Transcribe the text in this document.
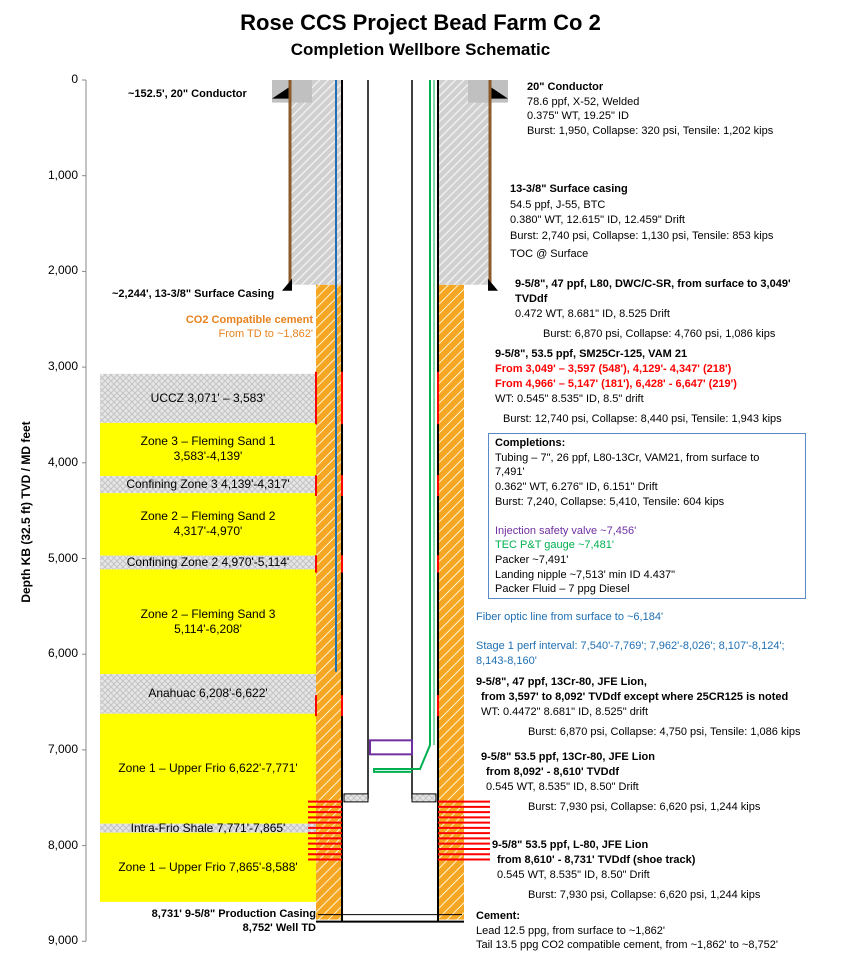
Rose CCS Project Bead Farm Co 2
Completion Wellbore Schematic
0
1,000
2,000
3,000
4,000
5,000
6,000
7,000
8,000
9,000
Depth KB (32.5 ft) TVD / MD feet
UCCZ 3,071' – 3,583'
Zone 3 – Fleming Sand 1 3,583'-4,139'
Confining Zone 3 4,139'-4,317'
Zone 2 – Fleming Sand 2 4,317'-4,970'
Confining Zone 2 4,970'-5,114'
Zone 2 – Fleming Sand 3 5,114'-6,208'
Anahuac 6,208'-6,622'
Zone 1 – Upper Frio 6,622'-7,771'
Intra-Frio Shale 7,771'-7,865'
Zone 1 – Upper Frio 7,865'-8,588'
~152.5', 20" Conductor
~2,244', 13-3/8" Surface Casing
CO2 Compatible cement
From TD to ~1,862'
8,731' 9-5/8" Production Casing
8,752' Well TD
20" Conductor
78.6 ppf, X-52, Welded
0.375" WT, 19.25" ID
Burst: 1,950, Collapse: 320 psi, Tensile: 1,202 kips
13-3/8" Surface casing
54.5 ppf, J-55, BTC
0.380" WT, 12.615" ID, 12.459" Drift
Burst: 2,740 psi, Collapse: 1,130 psi, Tensile: 853 kips
TOC @ Surface
9-5/8", 47 ppf, L80, DWC/C-SR, from surface to 3,049'
TVDdf
0.472 WT, 8.681" ID, 8.525 Drift
Burst: 6,870 psi, Collapse: 4,760 psi, 1,086 kips
9-5/8", 53.5 ppf, SM25Cr-125, VAM 21
From 3,049' – 3,597 (548'), 4,129'- 4,347' (218')
From 4,966' – 5,147' (181'), 6,428' - 6,647' (219')
WT: 0.545" 8.535" ID, 8.5" drift
Burst: 12,740 psi, Collapse: 8,440 psi, Tensile: 1,943 kips
Completions:
Tubing – 7", 26 ppf, L80-13Cr, VAM21, from surface to
7,491'
0.362" WT, 6.276" ID, 6.151" Drift
Burst: 7,240, Collapse: 5,410, Tensile: 604 kips
Injection safety valve ~7,456'
TEC P&T gauge ~7,481'
Packer ~7,491'
Landing nipple ~7,513' min ID 4.437"
Packer Fluid – 7 ppg Diesel
Fiber optic line from surface to ~6,184'
Stage 1 perf interval: 7,540'-7,769'; 7,962'-8,026'; 8,107'-8,124';
8,143-8,160'
9-5/8", 47 ppf, 13Cr-80, JFE Lion,
from 3,597' to 8,092' TVDdf except where 25CR125 is noted
WT: 0.4472" 8.681" ID, 8.525" drift
Burst: 6,870 psi, Collapse: 4,750 psi, Tensile: 1,086 kips
9-5/8" 53.5 ppf, 13Cr-80, JFE Lion
from 8,092' - 8,610' TVDdf
0.545 WT, 8.535" ID, 8.50" Drift
Burst: 7,930 psi, Collapse: 6,620 psi, 1,244 kips
9-5/8" 53.5 ppf, L-80, JFE Lion
from 8,610' - 8,731' TVDdf (shoe track)
0.545 WT, 8.535" ID, 8.50" Drift
Burst: 7,930 psi, Collapse: 6,620 psi, 1,244 kips
Cement:
Lead 12.5 ppg, from surface to ~1,862'
Tail 13.5 ppg CO2 compatible cement, from ~1,862' to ~8,752'
